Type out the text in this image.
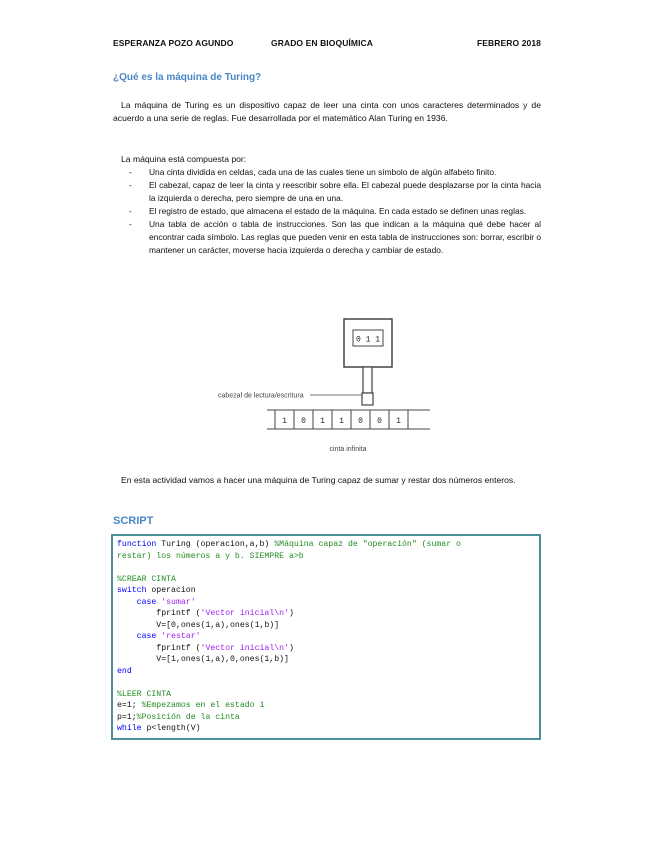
ESPERANZA POZO AGUNDO	GRADO EN BIOQUÍMICA	FEBRERO 2018
¿Qué es la máquina de Turing?

La máquina de Turing es un dispositivo capaz de leer una cinta con unos caracteres determinados y de acuerdo a una serie de reglas. Fue desarrollada por el matemático Alan Turing en 1936.

La máquina está compuesta por:

- Una cinta dividida en celdas, cada una de las cuales tiene un símbolo de algún alfabeto finito.
- El cabezal, capaz de leer la cinta y reescribir sobre ella. El cabezal puede desplazarse por la cinta hacia la izquierda o derecha, pero siempre de una en una.
- El registro de estado, que almacena el estado de la máquina. En cada estado se definen unas reglas.
- Una tabla de acción o tabla de instrucciones. Son las que indican a la máquina qué debe hacer al encontrar cada símbolo. Las reglas que pueden venir en esta tabla de instrucciones son: borrar, escribir o mantener un carácter, moverse hacia izquierda o derecha y cambiar de estado.
0 1 1
cabezal de lectura/escritura
1 0 1 1 0 0 1
cinta infinita

En esta actividad vamos a hacer una máquina de Turing capaz de sumar y restar dos números enteros.

SCRIPT
function Turing (operacion,a,b) %Máquina capaz de "operación" (sumar o
restar) los números a y b. SIEMPRE a>b
%CREAR CINTA
switch operacion
case 'sumar'
fprintf ('Vector inicial\n')
V=[0,ones(1,a),ones(1,b)]
case 'restar'
fprintf ('Vector inicial\n')
V=[1,ones(1,a),0,ones(1,b)]
end
%LEER CINTA
e=1; %Empezamos en el estado 1
p=1;%Posición de la cinta
while p<length(V)
